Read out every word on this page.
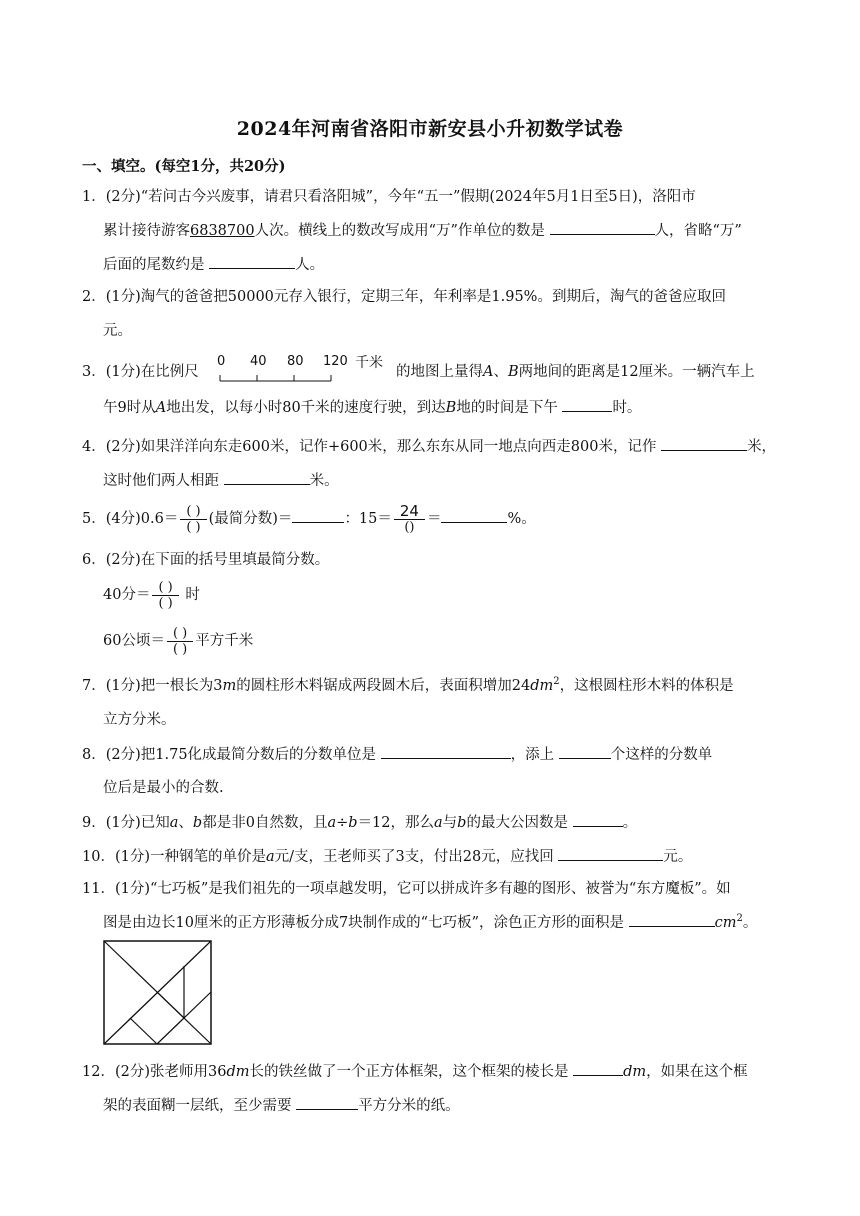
2024年河南省洛阳市新安县小升初数学试卷
一、填空。(每空1分，共20分)
1．(2分)“若问古今兴废事，请君只看洛阳城”，今年“五一”假期(2024年5月1日至5日)，洛阳市
累计接待游客6838700人次。横线上的数改写成用“万”作单位的数是	人，省略“万”
后面的尾数约是	人。
2．(1分)淘气的爸爸把50000元存入银行，定期三年，年利率是1.95%。到期后，淘气的爸爸应取回
元。
3．(1分)在比例尺
0 40 80 120 千米
的地图上量得A、B两地间的距离是12厘米。一辆汽车上
午9时从A地出发，以每小时80千米的速度行驶，到达B地的时间是下午	时。
4．(2分)如果洋洋向东走600米，记作+600米，那么东东从同一地点向西走800米，记作	米，
这时他们两人相距	米。
5．(4分)$0.6= \frac{( )}{( )}$ (最简分数)＝	：$15= \frac{24}{()}$ ＝	%。
6．(2分)在下面的括号里填最简分数。
40分＝ $\frac{( )}{( )}$ 时
60公顷＝ $\frac{( )}{( )}$ 平方千米
7．(1分)把一根长为3m的圆柱形木料锯成两段圆木后，表面积增加$24dm^2$，这根圆柱形木料的体积是
立方分米。
8．(2分)把1.75化成最简分数后的分数单位是	，添上	个这样的分数单
位后是最小的合数.
9．(1分)已知a、b都是非0自然数，且a÷b＝12，那么a与b的最大公因数是	。
10．(1分)一种钢笔的单价是a元/支，王老师买了3支，付出28元，应找回	元。
11．(1分)“七巧板”是我们祖先的一项卓越发明，它可以拼成许多有趣的图形、被誉为“东方魔板”。如
图是由边长10厘米的正方形薄板分成7块制作成的“七巧板”，涂色正方形的面积是	$cm^2$。
12．(2分)张老师用36dm长的铁丝做了一个正方体框架，这个框架的棱长是	dm，如果在这个框
架的表面糊一层纸，至少需要	平方分米的纸。
